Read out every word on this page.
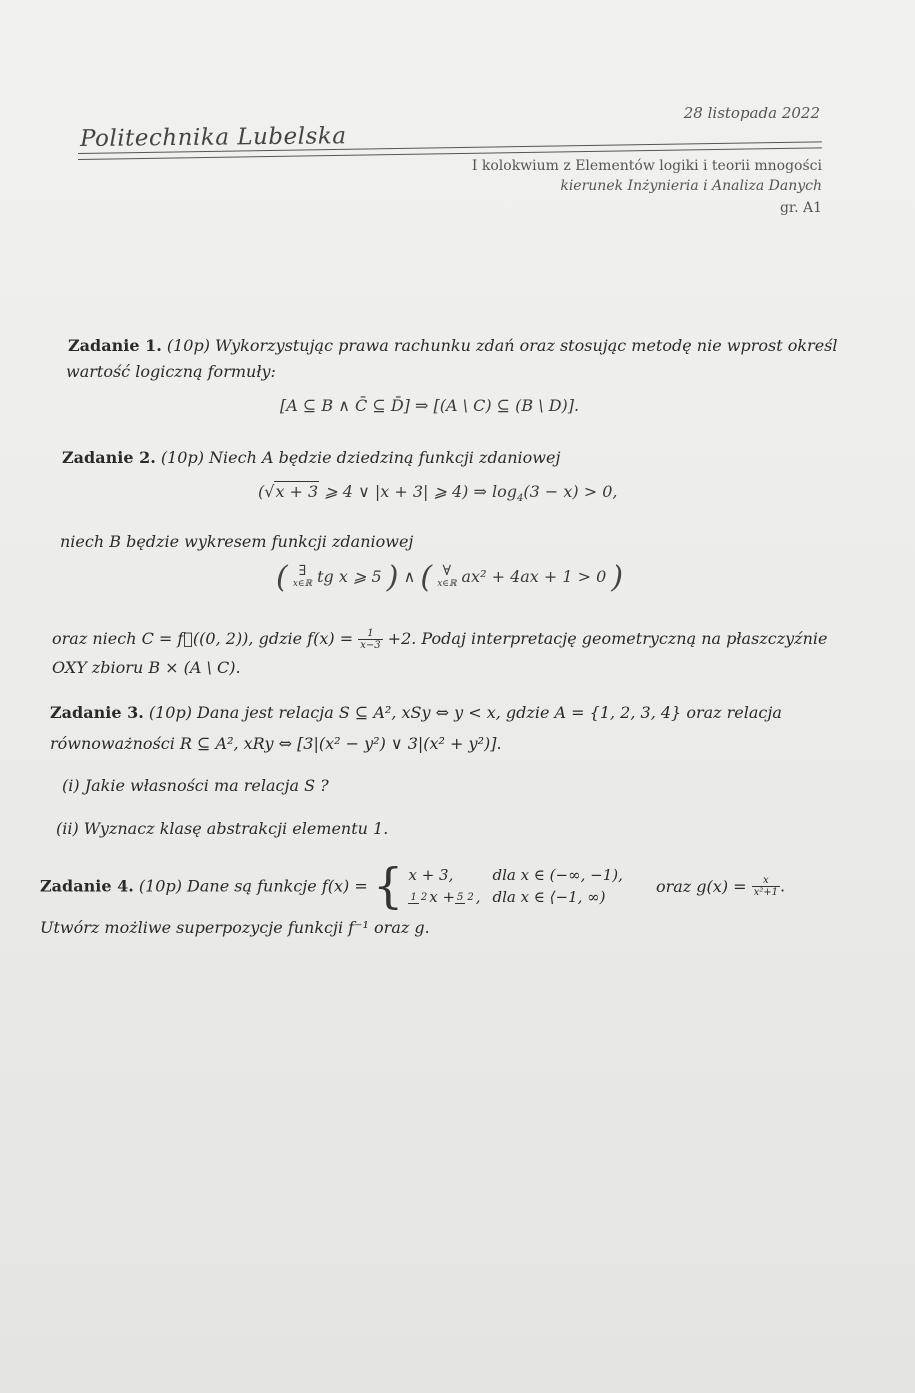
28 listopada 2022
Politechnika Lubelska
I kolokwium z Elementów logiki i teorii mnogości
kierunek Inżynieria i Analiza Danych
gr. A1
Zadanie 1. (10p) Wykorzystując prawa rachunku zdań oraz stosując metodę nie wprost określ
wartość logiczną formuły:
[A ⊆ B ∧ C̄ ⊆ D̄] ⇒ [(A \ C) ⊆ (B \ D)].
Zadanie 2. (10p) Niech A będzie dziedziną funkcji zdaniowej
(√x + 3 ⩾ 4 ∨ |x + 3| ⩾ 4) ⇒ $\log_4(3 - x) > 0$,
niech B będzie wykresem funkcji zdaniowej
( ∃
x∈ℝ tg x ⩾ 5 ) ∧ ( ∀
x∈ℝ ax² + 4ax + 1 > 0 )
oraz niech C = f⃗((0, 2)), gdzie $f(x) = \frac{1}{x-3} +2$. Podaj interpretację geometryczną na płaszczyźnie
OXY zbioru B × (A \ C).
Zadanie 3. (10p) Dana jest relacja S ⊆ A², xSy ⇔ y < x, gdzie A = {1, 2, 3, 4} oraz relacja
równoważności R ⊆ A², xRy ⇔ [3|(x² − y²) ∨ 3|(x² + y²)].
(i) Jakie własności ma relacja S ?
(ii) Wyznacz klasę abstrakcji elementu 1.
Zadanie 4. (10p) Dane są funkcje f(x) = { x + 3,	dla x ∈ (−∞, −1),
1 2 x +5 2 , dla x ∈ ⟨−1, ∞)
oraz $g(x) = \frac{x}{\text{x²+1}}$ .
Utwórz możliwe superpozycje funkcji f⁻¹ oraz g.
